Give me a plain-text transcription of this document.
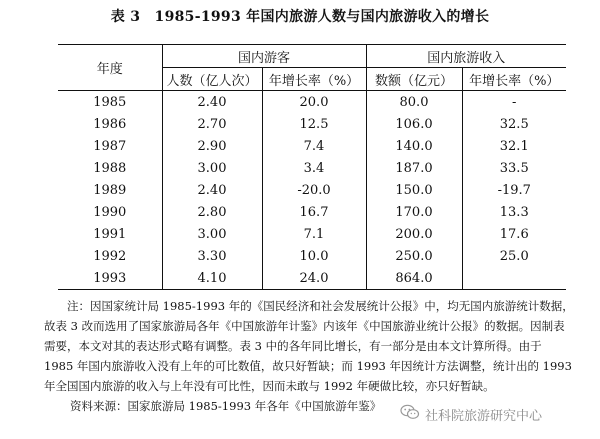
表 3　1985-1993 年国内旅游人数与国内旅游收入的增长
年度	国内游客		国内旅游收入	
	人数（亿人次）	年增长率（%）	数额（亿元）	年增长率（%）
1985	2.40	20.0	80.0	-
1986	2.70	12.5	106.0	32.5
1987	2.90	7.4	140.0	32.1
1988	3.00	3.4	187.0	33.5
1989	2.40	-20.0	150.0	-19.7
1990	2.80	16.7	170.0	13.3
1991	3.00	7.1	200.0	17.6
1992	3.30	10.0	250.0	25.0
1993	4.10	24.0	864.0	

注：因国家统计局 1985-1993 年的《国民经济和社会发展统计公报》中，均无国内旅游统计数据，故表 3 改而选用了国家旅游局各年《中国旅游年计鉴》内该年《中国旅游业统计公报》的数据。因制表需要，本文对其的表达形式略有调整。表 3 中的各年同比增长，有一部分是由本文计算所得。由于 1985 年国内旅游收入没有上年的可比数值，故只好暂缺；而 1993 年因统计方法调整，统计出的 1993 年全国国内旅游的收入与上年没有可比性，因而未敢与 1992 年硬做比较，亦只好暂缺。

资料来源：国家旅游局 1985-1993 年各年《中国旅游年鉴》

社科院旅游研究中心
